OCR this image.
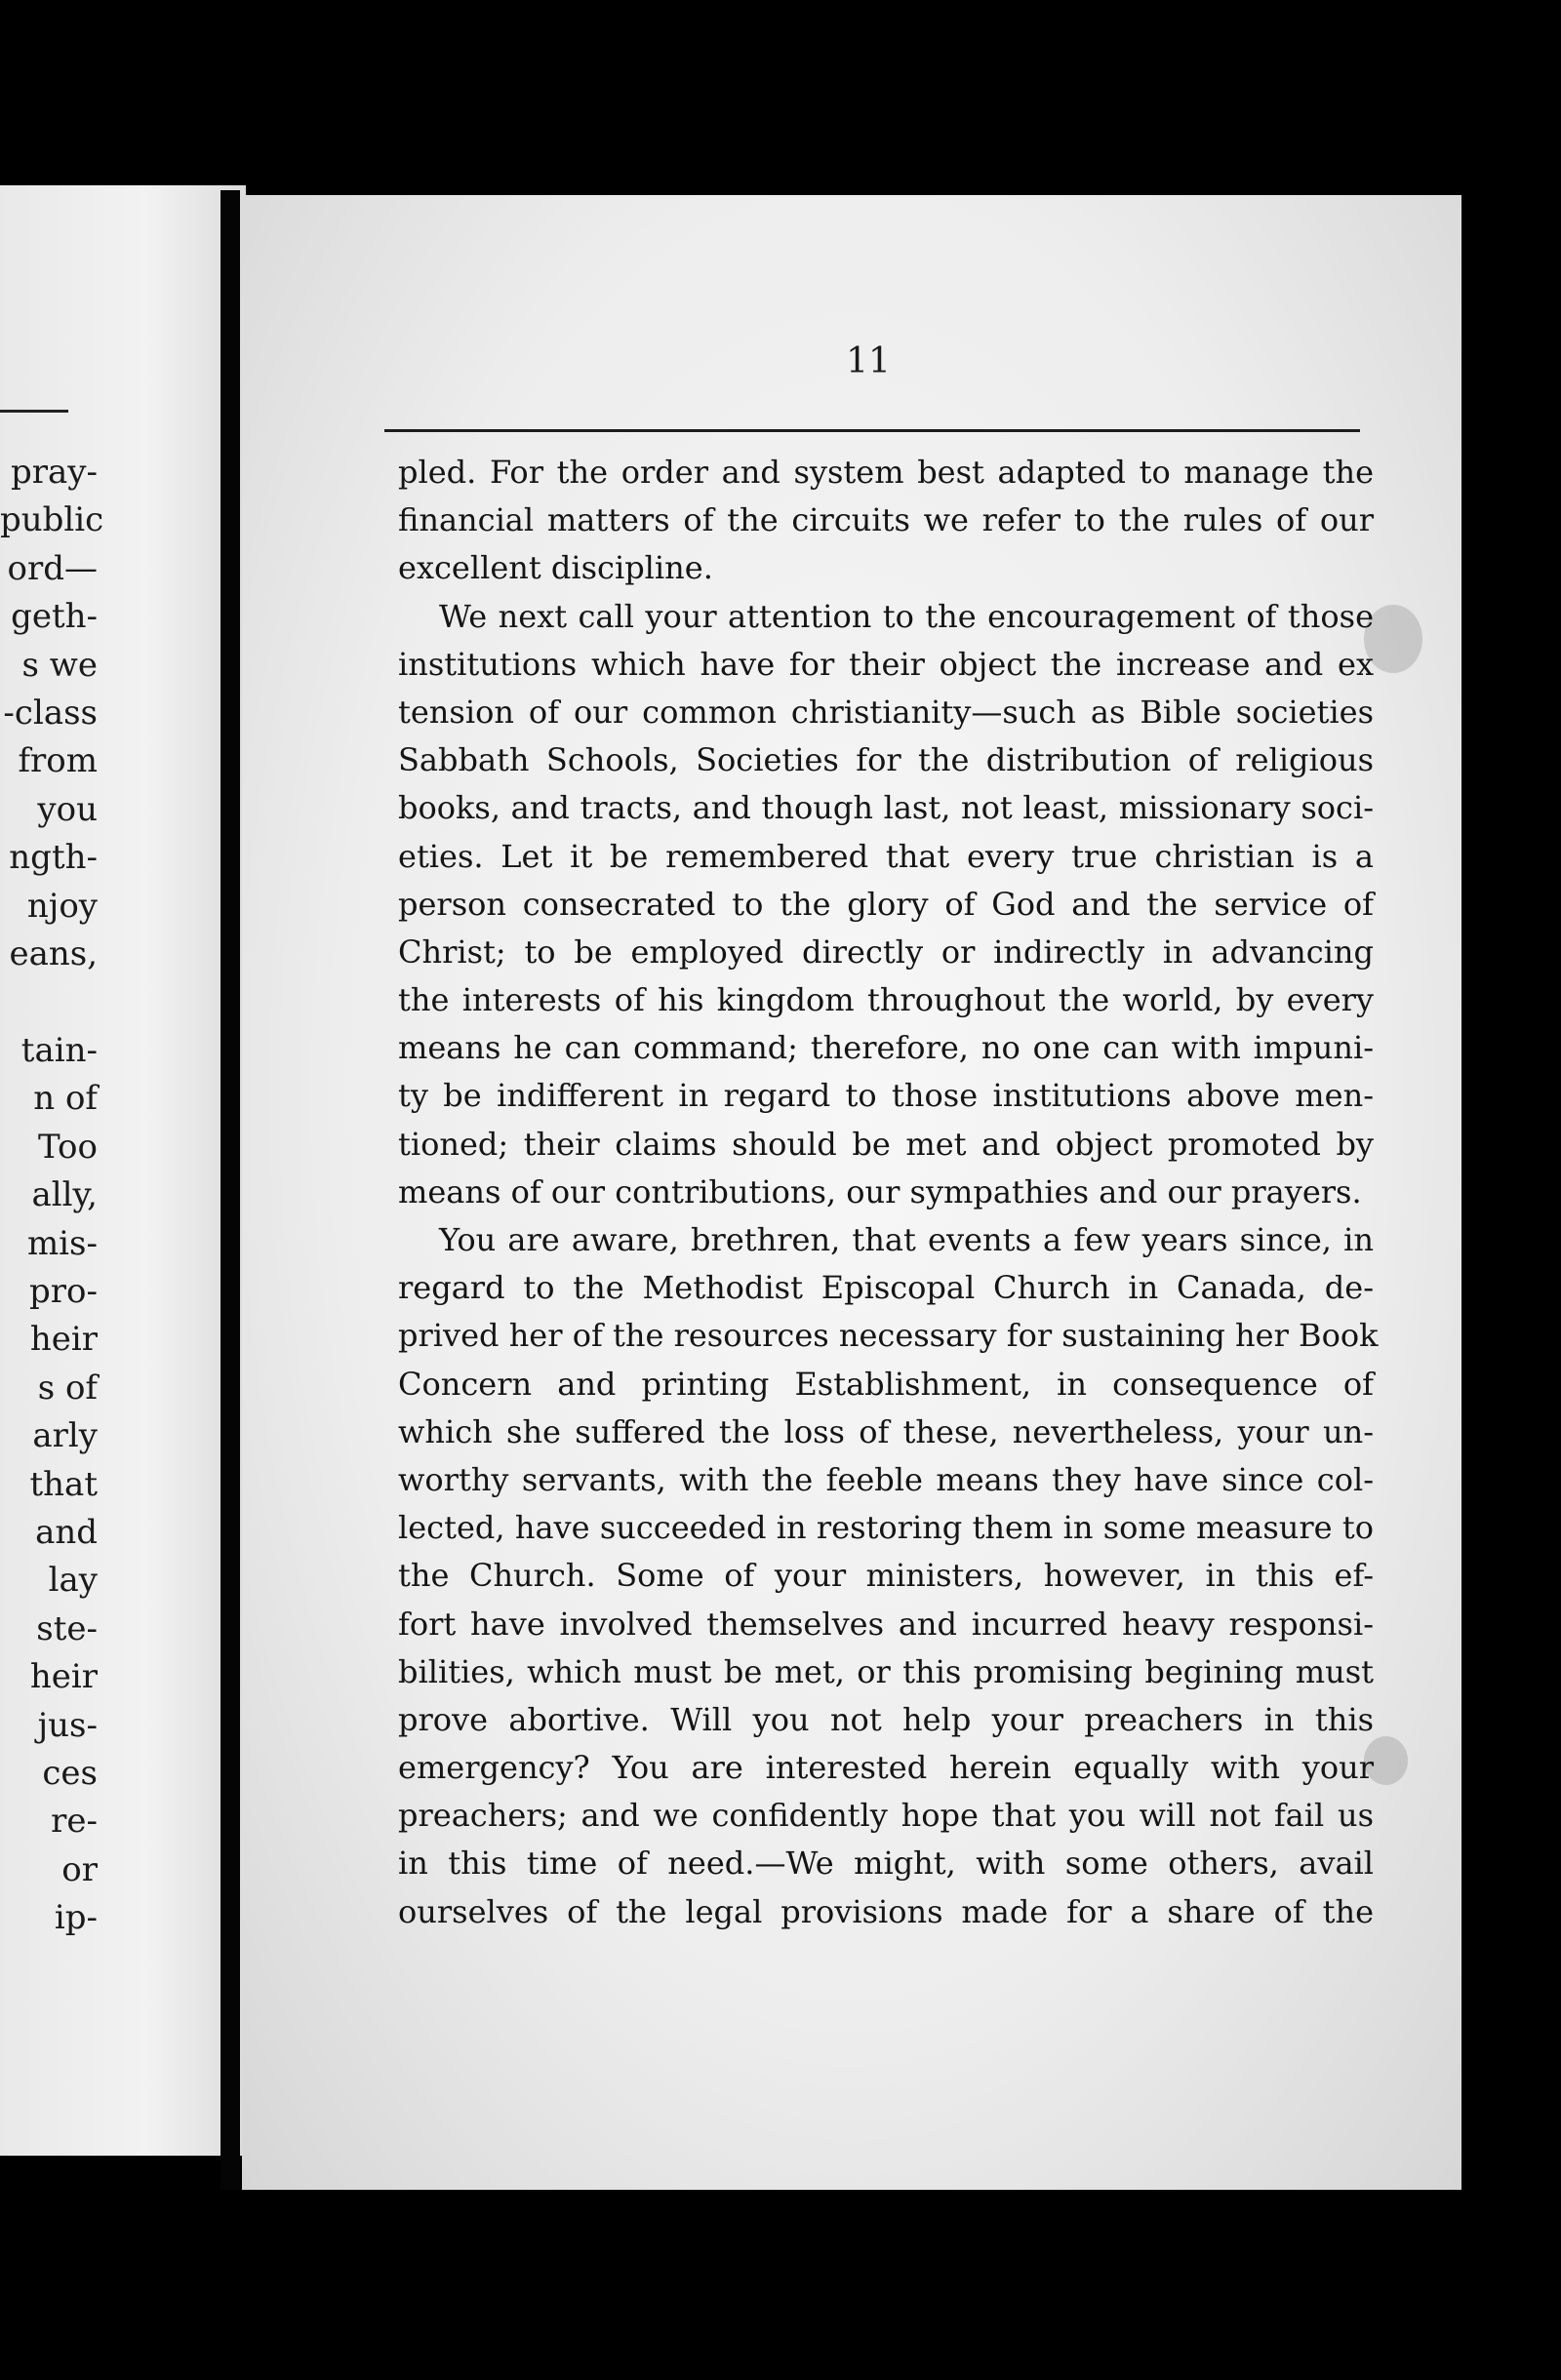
pray-
public
ord—
geth-
s we
-class
from
you
ngth-
njoy
eans,

tain-
n of
Too
ally,
mis-
pro-
heir
s of
arly
that
and
lay
ste-
heir
jus-
ces
re-
or
ip-
11

pled. For the order and system best adapted to manage the
financial matters of the circuits we refer to the rules of our
excellent discipline.

We next call your attention to the encouragement of those
institutions which have for their object the increase and ex
tension of our common christianity—such as Bible societies
Sabbath Schools, Societies for the distribution of religious
books, and tracts, and though last, not least, missionary soci-
eties. Let it be remembered that every true christian is a
person consecrated to the glory of God and the service of
Christ; to be employed directly or indirectly in advancing
the interests of his kingdom throughout the world, by every
means he can command; therefore, no one can with impuni-
ty be indifferent in regard to those institutions above men-
tioned; their claims should be met and object promoted by
means of our contributions, our sympathies and our prayers.

You are aware, brethren, that events a few years since, in
regard to the Methodist Episcopal Church in Canada, de-
prived her of the resources necessary for sustaining her Book
Concern and printing Establishment, in consequence of
which she suffered the loss of these, nevertheless, your un-
worthy servants, with the feeble means they have since col-
lected, have succeeded in restoring them in some measure to
the Church. Some of your ministers, however, in this ef-
fort have involved themselves and incurred heavy responsi-
bilities, which must be met, or this promising begining must
prove abortive. Will you not help your preachers in this
emergency? You are interested herein equally with your
preachers; and we confidently hope that you will not fail us
in this time of need.—We might, with some others, avail
ourselves of the legal provisions made for a share of the
